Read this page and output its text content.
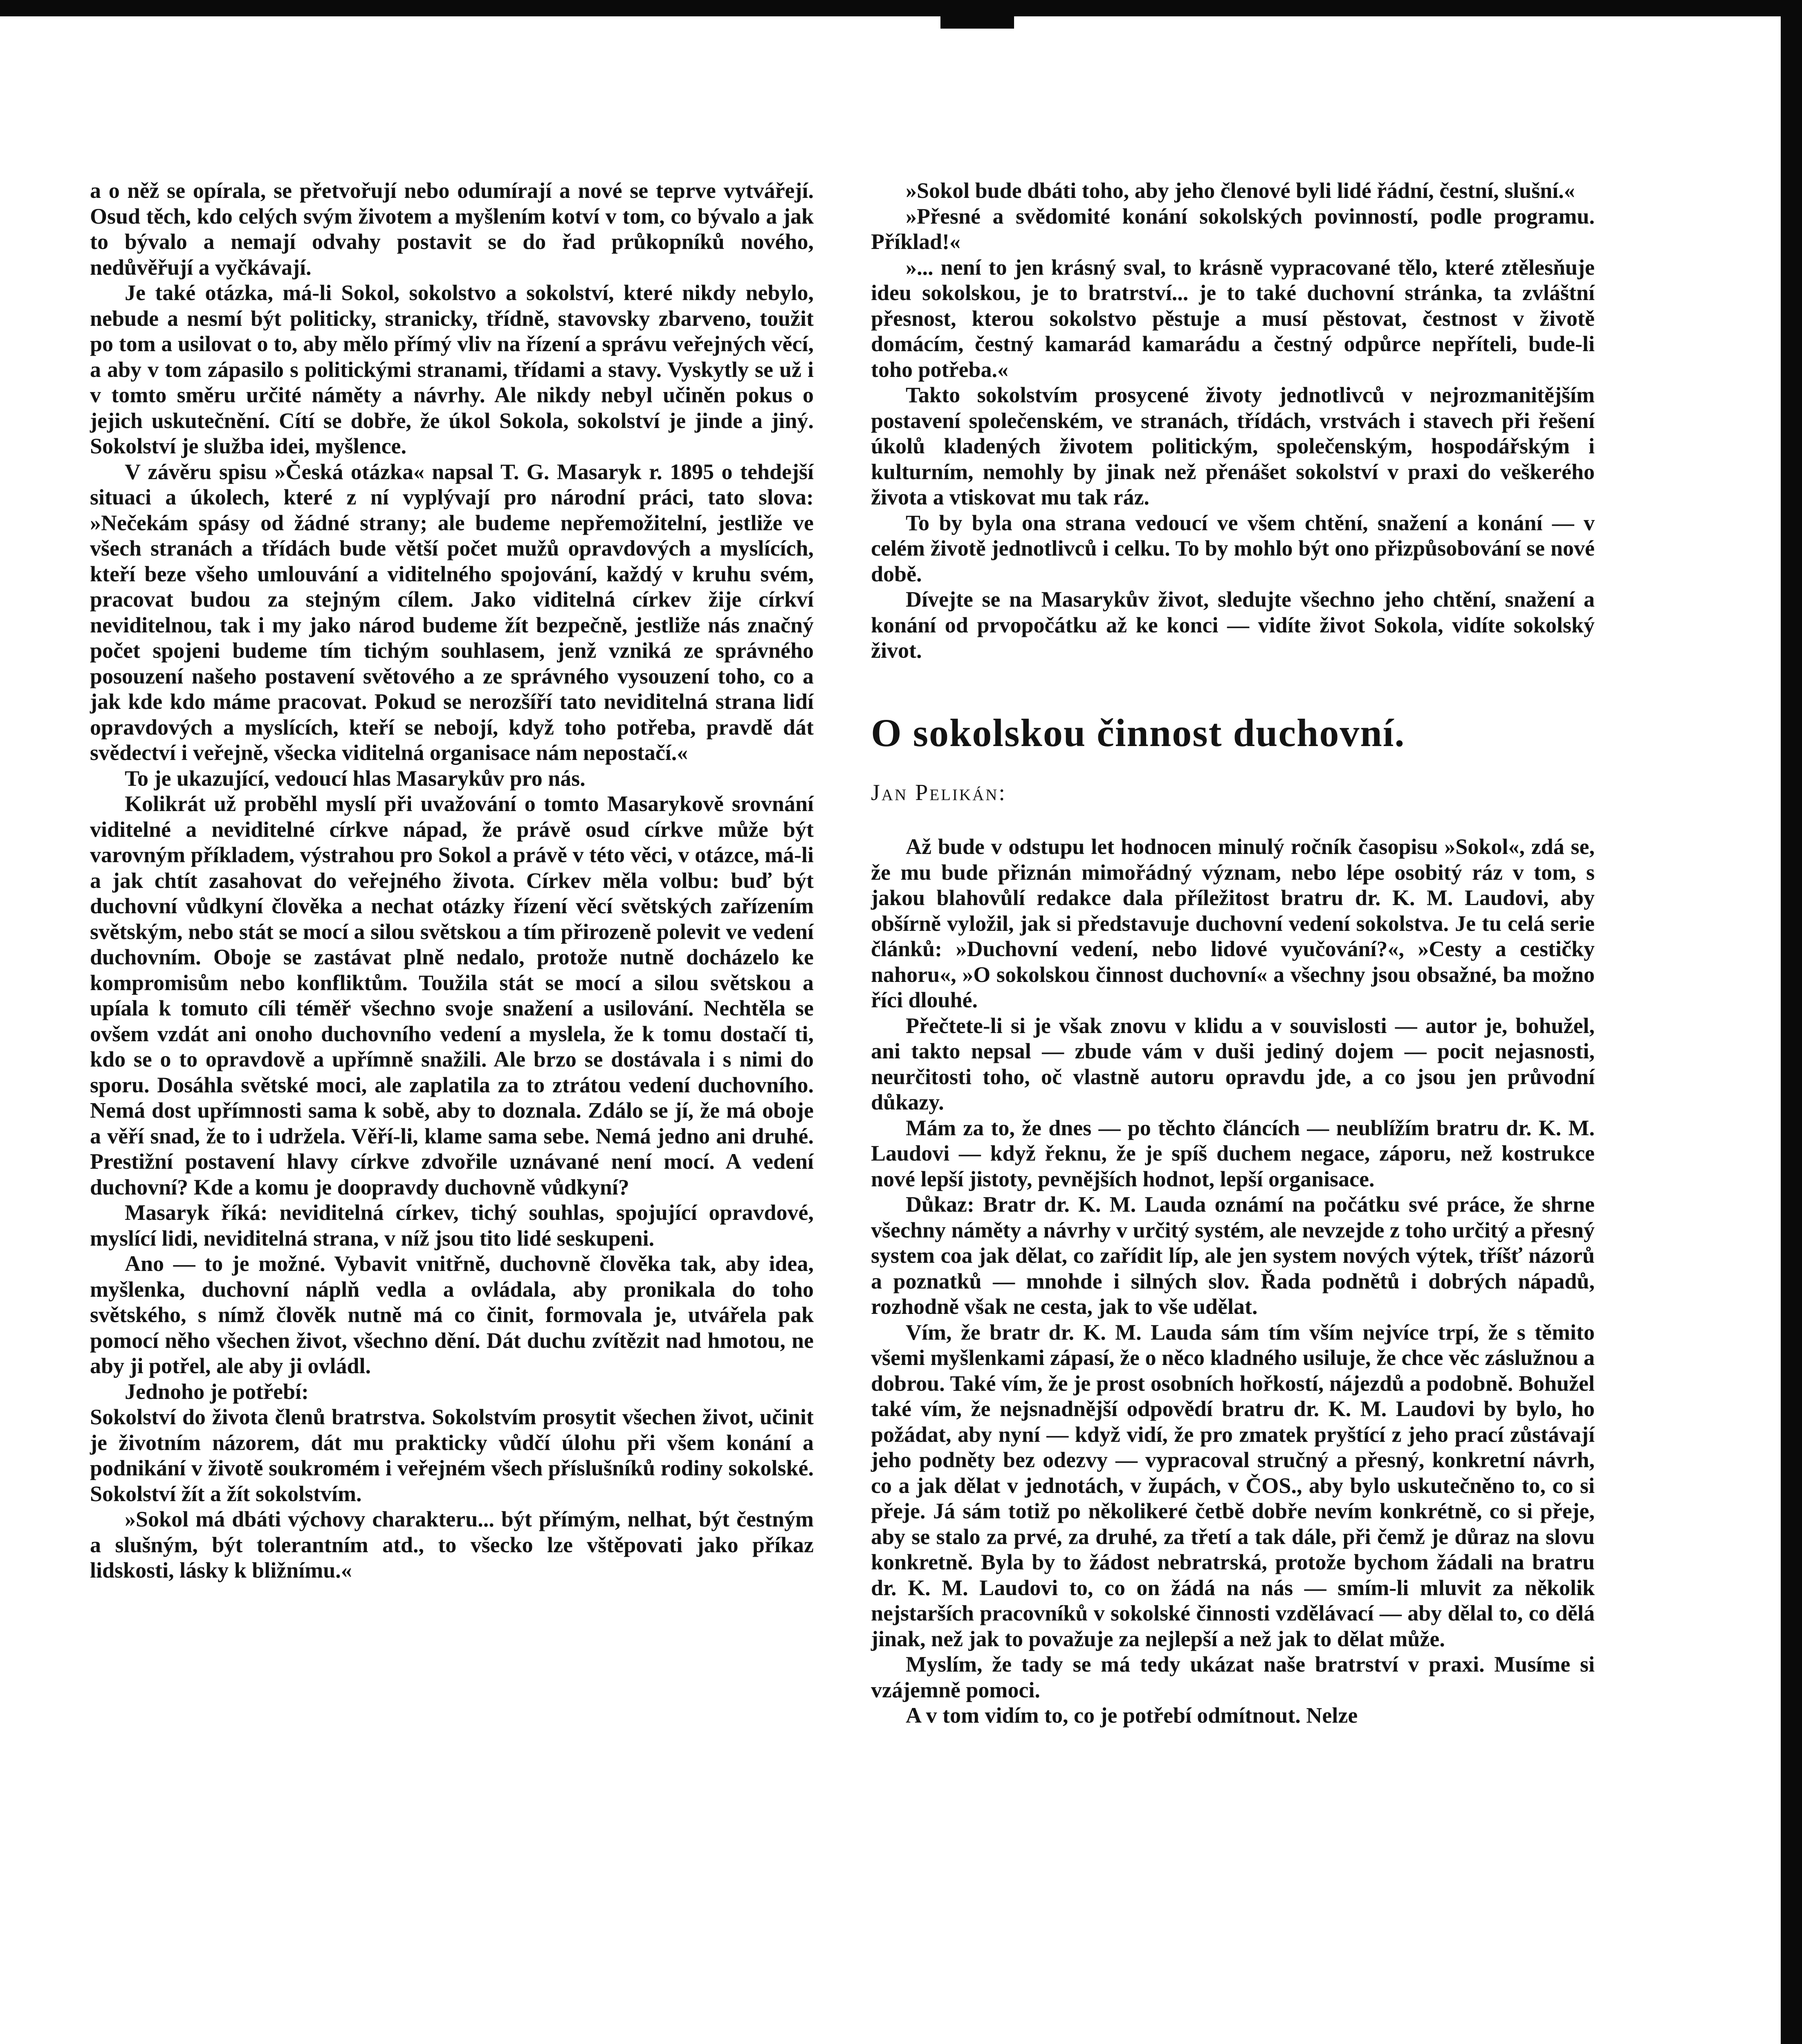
a o něž se opírala, se přetvořují nebo odumírají a nové se teprve vytvářejí. Osud těch, kdo celých svým životem a myšlením kotví v tom, co bývalo a jak to bývalo a nemají odvahy postavit se do řad průkopníků nového, nedůvěřují a vyčkávají.

Je také otázka, má-li Sokol, sokolstvo a sokolství, které nikdy nebylo, nebude a nesmí být politicky, stranicky, třídně, stavovsky zbarveno, toužit po tom a usilovat o to, aby mělo přímý vliv na řízení a správu veřejných věcí, a aby v tom zápasilo s politickými stranami, třídami a stavy. Vyskytly se už i v tomto směru určité náměty a návrhy. Ale nikdy nebyl učiněn pokus o jejich uskutečnění. Cítí se dobře, že úkol Sokola, sokolství je jinde a jiný. Sokolství je služba idei, myšlence.

V závěru spisu »Česká otázka« napsal T. G. Masaryk r. 1895 o tehdejší situaci a úkolech, které z ní vyplývají pro národní práci, tato slova: »Nečekám spásy od žádné strany; ale budeme nepřemožitelní, jestliže ve všech stranách a třídách bude větší počet mužů opravdových a myslících, kteří beze všeho umlouvání a viditelného spojování, každý v kruhu svém, pracovat budou za stejným cílem. Jako viditelná církev žije církví neviditelnou, tak i my jako národ budeme žít bezpečně, jestliže nás značný počet spojeni budeme tím tichým souhlasem, jenž vzniká ze správného posouzení našeho postavení světového a ze správného vysouzení toho, co a jak kde kdo máme pracovat. Pokud se nerozšíří tato neviditelná strana lidí opravdových a myslících, kteří se nebojí, když toho potřeba, pravdě dát svědectví i veřejně, všecka viditelná organisace nám nepostačí.«

To je ukazující, vedoucí hlas Masarykův pro nás.

Kolikrát už proběhl myslí při uvažování o tomto Masarykově srovnání viditelné a neviditelné církve nápad, že právě osud církve může být varovným příkladem, výstrahou pro Sokol a právě v této věci, v otázce, má-li a jak chtít zasahovat do veřejného života. Církev měla volbu: buď být duchovní vůdkyní člověka a nechat otázky řízení věcí světských zařízením světským, nebo stát se mocí a silou světskou a tím přirozeně polevit ve vedení duchovním. Oboje se zastávat plně nedalo, protože nutně docházelo ke kompromisům nebo konfliktům. Toužila stát se mocí a silou světskou a upíala k tomuto cíli téměř všechno svoje snažení a usilování. Nechtěla se ovšem vzdát ani onoho duchovního vedení a myslela, že k tomu dostačí ti, kdo se o to opravdově a upřímně snažili. Ale brzo se dostávala i s nimi do sporu. Dosáhla světské moci, ale zaplatila za to ztrátou vedení duchovního. Nemá dost upřímnosti sama k sobě, aby to doznala. Zdálo se jí, že má oboje a věří snad, že to i udržela. Věří-li, klame sama sebe. Nemá jedno ani druhé. Prestižní postavení hlavy církve zdvořile uznávané není mocí. A vedení duchovní? Kde a komu je doopravdy duchovně vůdkyní?

Masaryk říká: neviditelná církev, tichý souhlas, spojující opravdové, myslící lidi, neviditelná strana, v níž jsou tito lidé seskupeni.

Ano — to je možné. Vybavit vnitřně, duchovně člověka tak, aby idea, myšlenka, duchovní náplň vedla a ovládala, aby pronikala do toho světského, s nímž člověk nutně má co činit, formovala je, utvářela pak pomocí něho všechen život, všechno dění. Dát duchu zvítězit nad hmotou, ne aby ji potřel, ale aby ji ovládl.

Jednoho je potřebí:

Sokolství do života členů bratrstva. Sokolstvím prosytit všechen život, učinit je životním názorem, dát mu prakticky vůdčí úlohu při všem konání a podnikání v životě soukromém i veřejném všech příslušníků rodiny sokolské. Sokolství žít a žít sokolstvím.

»Sokol má dbáti výchovy charakteru... být přímým, nelhat, být čestným a slušným, být tolerantním atd., to všecko lze vštěpovati jako příkaz lidskosti, lásky k bližnímu.«

»Sokol bude dbáti toho, aby jeho členové byli lidé řádní, čestní, slušní.«

»Přesné a svědomité konání sokolských povinností, podle programu. Příklad!«

»... není to jen krásný sval, to krásně vypracované tělo, které ztělesňuje ideu sokolskou, je to bratrství... je to také duchovní stránka, ta zvláštní přesnost, kterou sokolstvo pěstuje a musí pěstovat, čestnost v životě domácím, čestný kamarád kamarádu a čestný odpůrce nepříteli, bude-li toho potřeba.«

Takto sokolstvím prosycené životy jednotlivců v nejrozmanitějším postavení společenském, ve stranách, třídách, vrstvách i stavech při řešení úkolů kladených životem politickým, společenským, hospodářským i kulturním, nemohly by jinak než přenášet sokolství v praxi do veškerého života a vtiskovat mu tak ráz.

To by byla ona strana vedoucí ve všem chtění, snažení a konání — v celém životě jednotlivců i celku. To by mohlo být ono přizpůsobování se nové době.

Dívejte se na Masarykův život, sledujte všechno jeho chtění, snažení a konání od prvopočátku až ke konci — vidíte život Sokola, vidíte sokolský život.

O sokolskou činnost duchovní.
Jan Pelikán:

Až bude v odstupu let hodnocen minulý ročník časopisu »Sokol«, zdá se, že mu bude přiznán mimořádný význam, nebo lépe osobitý ráz v tom, s jakou blahovůlí redakce dala příležitost bratru dr. K. M. Laudovi, aby obšírně vyložil, jak si představuje duchovní vedení sokolstva. Je tu celá serie článků: »Duchovní vedení, nebo lidové vyučování?«, »Cesty a cestičky nahoru«, »O sokolskou činnost duchovní« a všechny jsou obsažné, ba možno říci dlouhé.

Přečtete-li si je však znovu v klidu a v souvislosti — autor je, bohužel, ani takto nepsal — zbude vám v duši jediný dojem — pocit nejasnosti, neurčitosti toho, oč vlastně autoru opravdu jde, a co jsou jen průvodní důkazy.

Mám za to, že dnes — po těchto článcích — neublížím bratru dr. K. M. Laudovi — když řeknu, že je spíš duchem negace, záporu, než kostrukce nové lepší jistoty, pevnějších hodnot, lepší organisace.

Důkaz: Bratr dr. K. M. Lauda oznámí na počátku své práce, že shrne všechny náměty a návrhy v určitý systém, ale nevzejde z toho určitý a přesný system coa jak dělat, co zařídit líp, ale jen system nových výtek, tříšť názorů a poznatků — mnohde i silných slov. Řada podnětů i dobrých nápadů, rozhodně však ne cesta, jak to vše udělat.

Vím, že bratr dr. K. M. Lauda sám tím vším nejvíce trpí, že s těmito všemi myšlenkami zápasí, že o něco kladného usiluje, že chce věc záslužnou a dobrou. Také vím, že je prost osobních hořkostí, nájezdů a podobně. Bohužel také vím, že nejsnadnější odpovědí bratru dr. K. M. Laudovi by bylo, ho požádat, aby nyní — když vidí, že pro zmatek pryštící z jeho prací zůstávají jeho podněty bez odezvy — vypracoval stručný a přesný, konkretní návrh, co a jak dělat v jednotách, v župách, v ČOS., aby bylo uskutečněno to, co si přeje. Já sám totiž po několikeré četbě dobře nevím konkrétně, co si přeje, aby se stalo za prvé, za druhé, za třetí a tak dále, při čemž je důraz na slovu konkretně. Byla by to žádost nebratrská, protože bychom žádali na bratru dr. K. M. Laudovi to, co on žádá na nás — smím-li mluvit za několik nejstarších pracovníků v sokolské činnosti vzdělávací — aby dělal to, co dělá jinak, než jak to považuje za nejlepší a než jak to dělat může.

Myslím, že tady se má tedy ukázat naše bratrství v praxi. Musíme si vzájemně pomoci.

A v tom vidím to, co je potřebí odmítnout. Nelze
